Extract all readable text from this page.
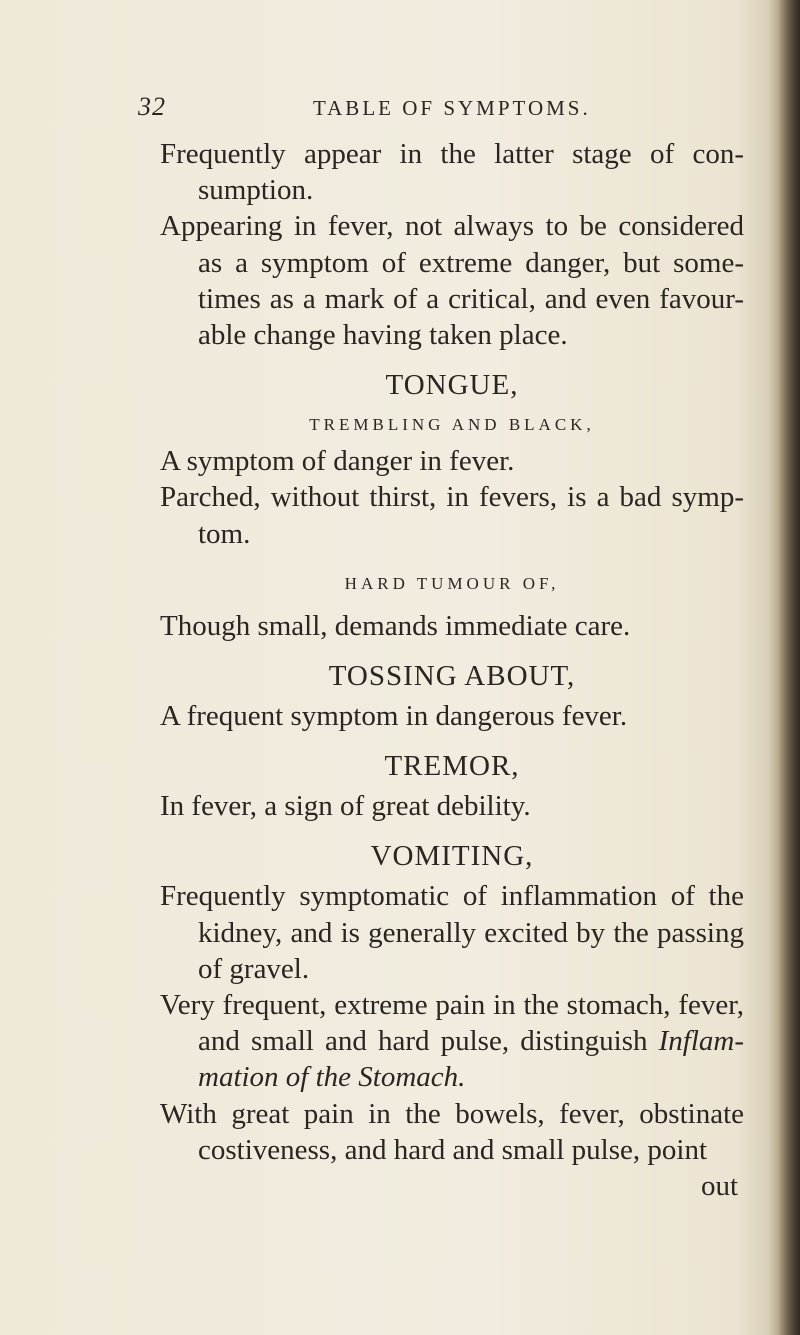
32	TABLE OF SYMPTOMS.

Frequently appear in the latter stage of con-sumption.

Appearing in fever, not always to be considered as a symptom of extreme danger, but some-times as a mark of a critical, and even favour-able change having taken place.

TONGUE,

TREMBLING AND BLACK,

A symptom of danger in fever.

Parched, without thirst, in fevers, is a bad symp-tom.

HARD TUMOUR OF,

Though small, demands immediate care.

TOSSING ABOUT,

A frequent symptom in dangerous fever.

TREMOR,

In fever, a sign of great debility.

VOMITING,

Frequently symptomatic of inflammation of the kidney, and is generally excited by the passing of gravel.

Very frequent, extreme pain in the stomach, fever, and small and hard pulse, distinguish Inflam-mation of the Stomach.

With great pain in the bowels, fever, obstinate costiveness, and hard and small pulse, point

out
